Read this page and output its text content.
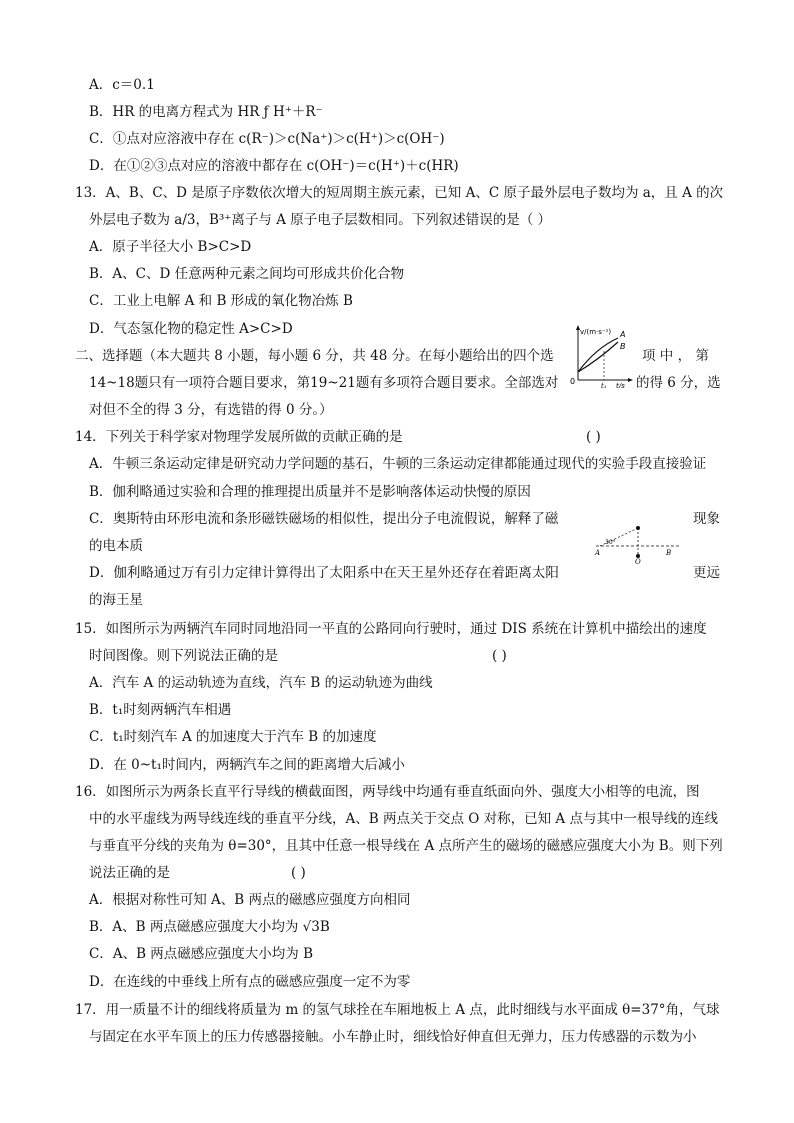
A．c＝0.1
B．HR 的电离方程式为 HR ƒ H⁺＋R⁻
C．①点对应溶液中存在 c(R⁻)＞c(Na⁺)＞c(H⁺)＞c(OH⁻)
D．在①②③点对应的溶液中都存在 c(OH⁻)＝c(H⁺)＋c(HR)
13．A、B、C、D 是原子序数依次增大的短周期主族元素，已知 A、C 原子最外层电子数均为 a，且 A 的次
外层电子数为 a/3，B³⁺离子与 A 原子电子层数相同。下列叙述错误的是（ ）
A．原子半径大小 B>C>D
B．A、C、D 任意两种元素之间均可形成共价化合物
C．工业上电解 A 和 B 形成的氧化物冶炼 B
D．气态氢化物的稳定性 A>C>D
二、选择题（本大题共 8 小题，每小题 6 分，共 48 分。在每小题给出的四个选	项 中 ， 第
14~18题只有一项符合题目要求，第19~21题有多项符合题目要求。全部选对	的得 6 分，选
对但不全的得 3 分，有选错的得 0 分。）
v/(m·s⁻¹)
0	t₁ t/s
A
B
14．下列关于科学家对物理学发展所做的贡献正确的是	( )
A．牛顿三条运动定律是研究动力学问题的基石，牛顿的三条运动定律都能通过现代的实验手段直接验证
B．伽利略通过实验和合理的推理提出质量并不是影响落体运动快慢的原因
C．奥斯特由环形电流和条形磁铁磁场的相似性，提出分子电流假说，解释了磁	现象
的电本质	30°
A
O
B
D．伽利略通过万有引力定律计算得出了太阳系中在天王星外还存在着距离太阳	更远
的海王星
15．如图所示为两辆汽车同时同地沿同一平直的公路同向行驶时，通过 DIS 系统在计算机中描绘出的速度
时间图像。则下列说法正确的是	( )
A．汽车 A 的运动轨迹为直线，汽车 B 的运动轨迹为曲线
B．t₁时刻两辆汽车相遇
C．t₁时刻汽车 A 的加速度大于汽车 B 的加速度
D．在 0~t₁时间内，两辆汽车之间的距离增大后减小
16．如图所示为两条长直平行导线的横截面图，两导线中均通有垂直纸面向外、强度大小相等的电流，图
中的水平虚线为两导线连线的垂直平分线，A、B 两点关于交点 O 对称，已知 A 点与其中一根导线的连线
与垂直平分线的夹角为 θ=30°，且其中任意一根导线在 A 点所产生的磁场的磁感应强度大小为 B。则下列
说法正确的是	( )
A．根据对称性可知 A、B 两点的磁感应强度方向相同
B．A、B 两点磁感应强度大小均为 √3B
C．A、B 两点磁感应强度大小均为 B
D．在连线的中垂线上所有点的磁感应强度一定不为零
17．用一质量不计的细线将质量为 m 的氢气球拴在车厢地板上 A 点，此时细线与水平面成 θ=37°角，气球
与固定在水平车顶上的压力传感器接触。小车静止时，细线恰好伸直但无弹力，压力传感器的示数为小
